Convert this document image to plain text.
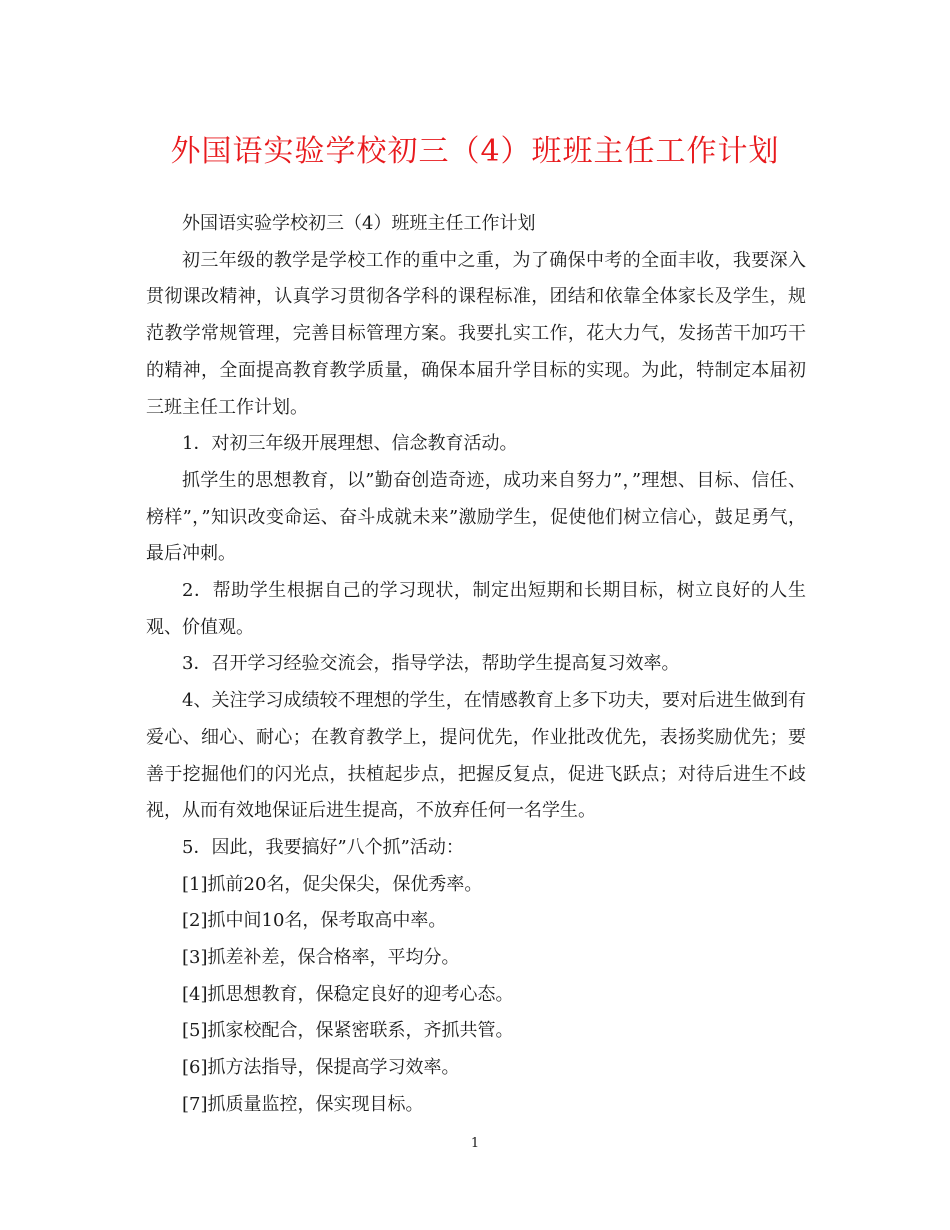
外国语实验学校初三（4）班班主任工作计划

外国语实验学校初三（4）班班主任工作计划

初三年级的教学是学校工作的重中之重，为了确保中考的全面丰收，我要深入贯彻课改精神，认真学习贯彻各学科的课程标准，团结和依靠全体家长及学生，规范教学常规管理，完善目标管理方案。我要扎实工作，花大力气，发扬苦干加巧干的精神，全面提高教育教学质量，确保本届升学目标的实现。为此，特制定本届初三班主任工作计划。

1．对初三年级开展理想、信念教育活动。

抓学生的思想教育，以”勤奋创造奇迹，成功来自努力”，”理想、目标、信任、榜样”，”知识改变命运、奋斗成就未来”激励学生，促使他们树立信心，鼓足勇气，最后冲刺。

2．帮助学生根据自己的学习现状，制定出短期和长期目标，树立良好的人生观、价值观。

3．召开学习经验交流会，指导学法，帮助学生提高复习效率。

4、关注学习成绩较不理想的学生，在情感教育上多下功夫，要对后进生做到有爱心、细心、耐心；在教育教学上，提问优先，作业批改优先，表扬奖励优先；要善于挖掘他们的闪光点，扶植起步点，把握反复点，促进飞跃点；对待后进生不歧视，从而有效地保证后进生提高，不放弃任何一名学生。

5．因此，我要搞好”八个抓”活动：

[1]抓前20名，促尖保尖，保优秀率。

[2]抓中间10名，保考取高中率。

[3]抓差补差，保合格率，平均分。

[4]抓思想教育，保稳定良好的迎考心态。

[5]抓家校配合，保紧密联系，齐抓共管。

[6]抓方法指导，保提高学习效率。

[7]抓质量监控，保实现目标。

1
